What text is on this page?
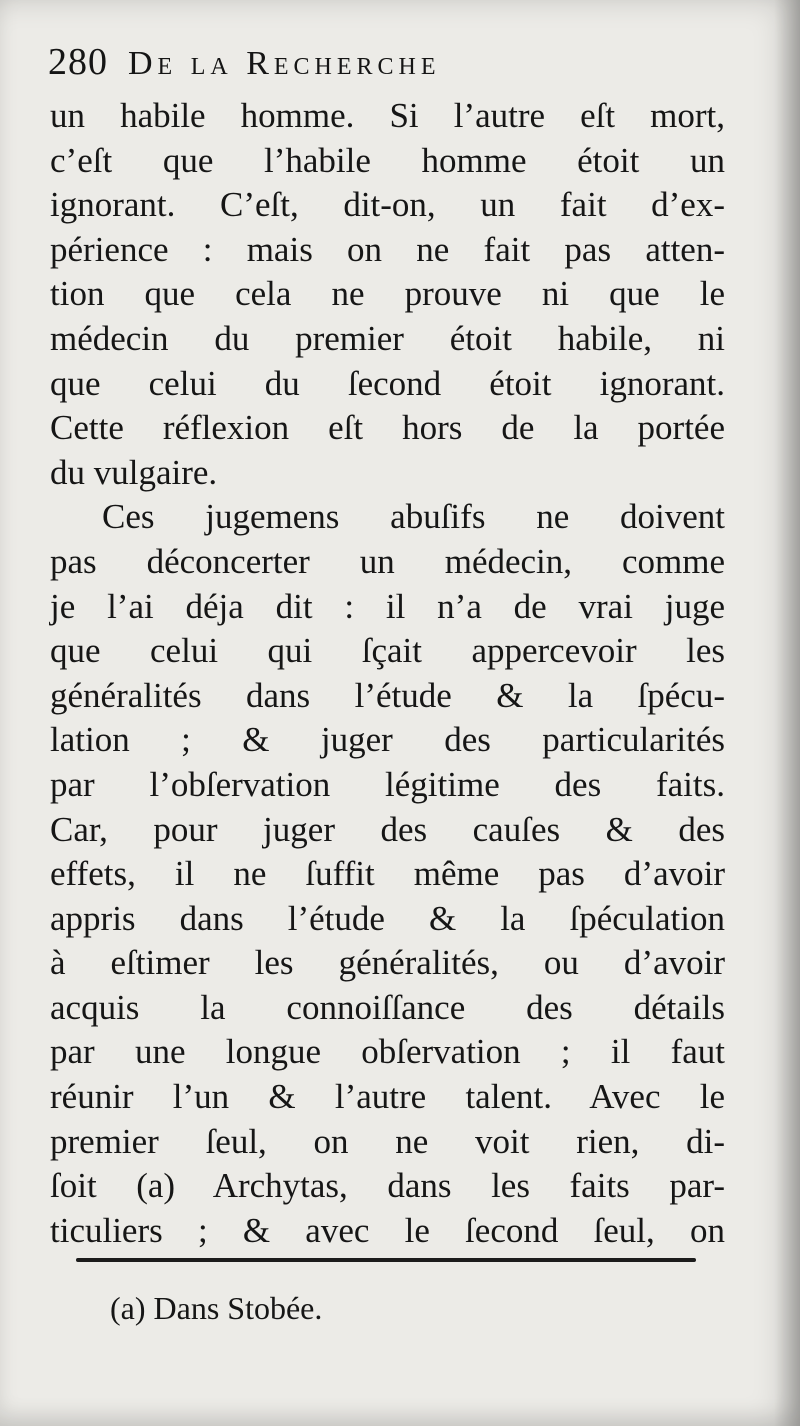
280 De la Recherche
un habile homme. Si l’autre eſt mort,
c’eſt que l’habile homme étoit un
ignorant. C’eſt, dit-on, un fait d’ex-
périence : mais on ne fait pas atten-
tion que cela ne prouve ni que le
médecin du premier étoit habile, ni
que celui du ſecond étoit ignorant.
Cette réflexion eſt hors de la portée
du vulgaire.
Ces jugemens abuſifs ne doivent
pas déconcerter un médecin, comme
je l’ai déja dit : il n’a de vrai juge
que celui qui ſçait appercevoir les
généralités dans l’étude & la ſpécu-
lation ; & juger des particularités
par l’obſervation légitime des faits.
Car, pour juger des cauſes & des
effets, il ne ſuffit même pas d’avoir
appris dans l’étude & la ſpéculation
à eſtimer les généralités, ou d’avoir
acquis la connoiſſance des détails
par une longue obſervation ; il faut
réunir l’un & l’autre talent. Avec le
premier ſeul, on ne voit rien, di-
ſoit (a) Archytas, dans les faits par-
ticuliers ; & avec le ſecond ſeul, on
(a) Dans Stobée.
